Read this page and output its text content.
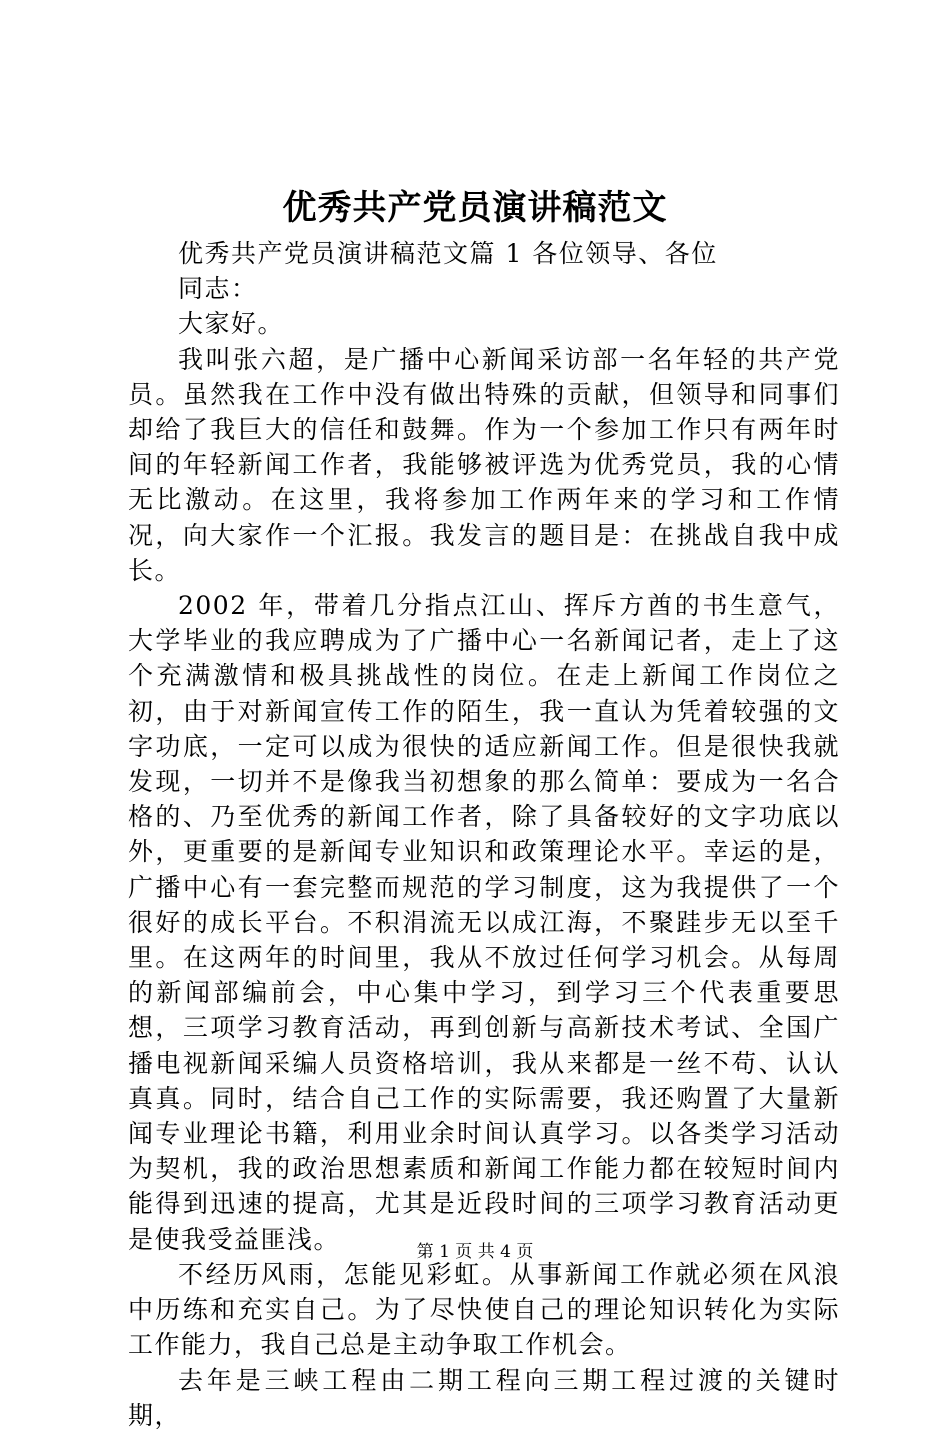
优秀共产党员演讲稿范文

优秀共产党员演讲稿范文篇 1 各位领导、各位

同志：

大家好。

我叫张六超，是广播中心新闻采访部一名年轻的共产党员。虽然我在工作中没有做出特殊的贡献，但领导和同事们却给了我巨大的信任和鼓舞。作为一个参加工作只有两年时间的年轻新闻工作者，我能够被评选为优秀党员，我的心情无比激动。在这里，我将参加工作两年来的学习和工作情况，向大家作一个汇报。我发言的题目是：在挑战自我中成长。

2002 年，带着几分指点江山、挥斥方酋的书生意气，大学毕业的我应聘成为了广播中心一名新闻记者，走上了这个充满激情和极具挑战性的岗位。在走上新闻工作岗位之初，由于对新闻宣传工作的陌生，我一直认为凭着较强的文字功底，一定可以成为很快的适应新闻工作。但是很快我就发现，一切并不是像我当初想象的那么简单：要成为一名合格的、乃至优秀的新闻工作者，除了具备较好的文字功底以外，更重要的是新闻专业知识和政策理论水平。幸运的是，广播中心有一套完整而规范的学习制度，这为我提供了一个很好的成长平台。不积涓流无以成江海，不聚跬步无以至千里。在这两年的时间里，我从不放过任何学习机会。从每周的新闻部编前会，中心集中学习，到学习三个代表重要思想，三项学习教育活动，再到创新与高新技术考试、全国广播电视新闻采编人员资格培训，我从来都是一丝不苟、认认真真。同时，结合自己工作的实际需要，我还购置了大量新闻专业理论书籍，利用业余时间认真学习。以各类学习活动为契机，我的政治思想素质和新闻工作能力都在较短时间内能得到迅速的提高，尤其是近段时间的三项学习教育活动更是使我受益匪浅。

不经历风雨，怎能见彩虹。从事新闻工作就必须在风浪中历练和充实自己。为了尽快使自己的理论知识转化为实际工作能力，我自己总是主动争取工作机会。

去年是三峡工程由二期工程向三期工程过渡的关键时期，

第 1 页 共 4 页
